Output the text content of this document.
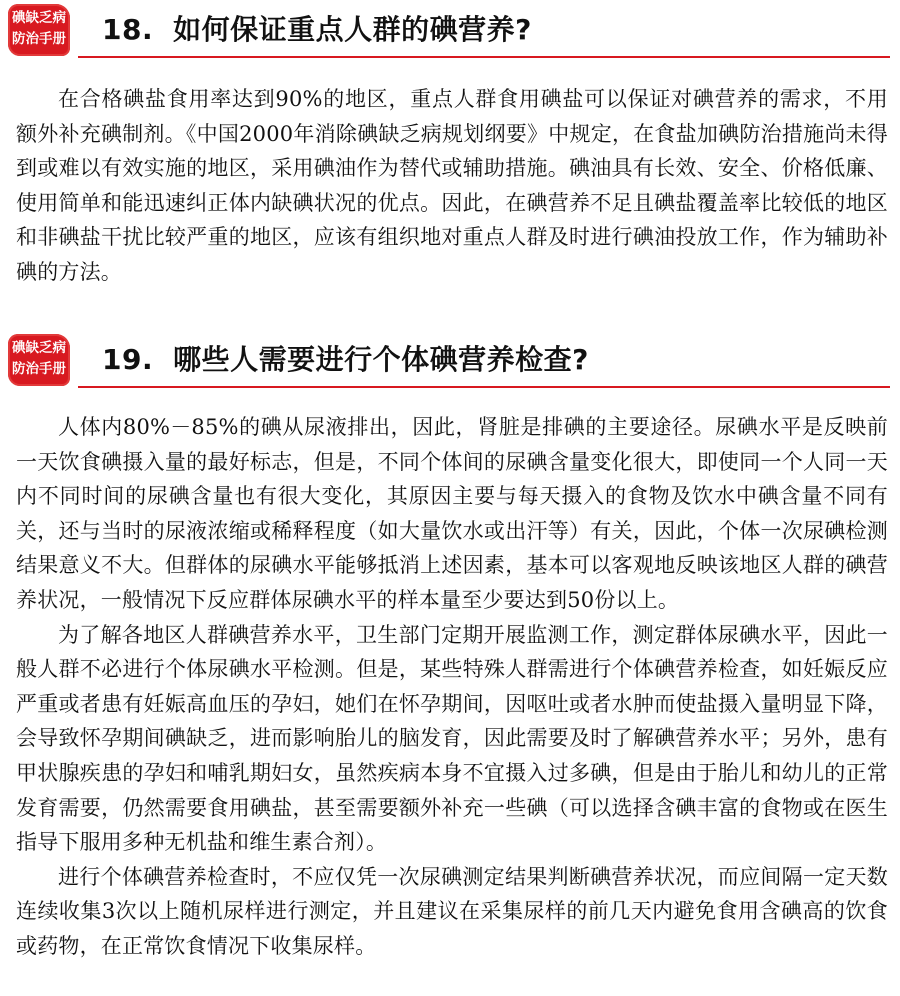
碘缺乏病
防治手册 18. 如何保证重点人群的碘营养?

在合格碘盐食用率达到90%的地区，重点人群食用碘盐可以保证对碘营养的需求，不用额外补充碘制剂。《中国2000年消除碘缺乏病规划纲要》中规定，在食盐加碘防治措施尚未得到或难以有效实施的地区，采用碘油作为替代或辅助措施。碘油具有长效、安全、价格低廉、使用简单和能迅速纠正体内缺碘状况的优点。因此，在碘营养不足且碘盐覆盖率比较低的地区和非碘盐干扰比较严重的地区，应该有组织地对重点人群及时进行碘油投放工作，作为辅助补碘的方法。

碘缺乏病
防治手册 19. 哪些人需要进行个体碘营养检查?

人体内80%－85%的碘从尿液排出，因此，肾脏是排碘的主要途径。尿碘水平是反映前一天饮食碘摄入量的最好标志，但是，不同个体间的尿碘含量变化很大，即使同一个人同一天内不同时间的尿碘含量也有很大变化，其原因主要与每天摄入的食物及饮水中碘含量不同有关，还与当时的尿液浓缩或稀释程度（如大量饮水或出汗等）有关，因此，个体一次尿碘检测结果意义不大。但群体的尿碘水平能够抵消上述因素，基本可以客观地反映该地区人群的碘营养状况，一般情况下反应群体尿碘水平的样本量至少要达到50份以上。

为了解各地区人群碘营养水平，卫生部门定期开展监测工作，测定群体尿碘水平，因此一般人群不必进行个体尿碘水平检测。但是，某些特殊人群需进行个体碘营养检查，如妊娠反应严重或者患有妊娠高血压的孕妇，她们在怀孕期间，因呕吐或者水肿而使盐摄入量明显下降，会导致怀孕期间碘缺乏，进而影响胎儿的脑发育，因此需要及时了解碘营养水平；另外，患有甲状腺疾患的孕妇和哺乳期妇女，虽然疾病本身不宜摄入过多碘，但是由于胎儿和幼儿的正常发育需要，仍然需要食用碘盐，甚至需要额外补充一些碘（可以选择含碘丰富的食物或在医生指导下服用多种无机盐和维生素合剂）。

进行个体碘营养检查时，不应仅凭一次尿碘测定结果判断碘营养状况，而应间隔一定天数连续收集3次以上随机尿样进行测定，并且建议在采集尿样的前几天内避免食用含碘高的饮食或药物，在正常饮食情况下收集尿样。
